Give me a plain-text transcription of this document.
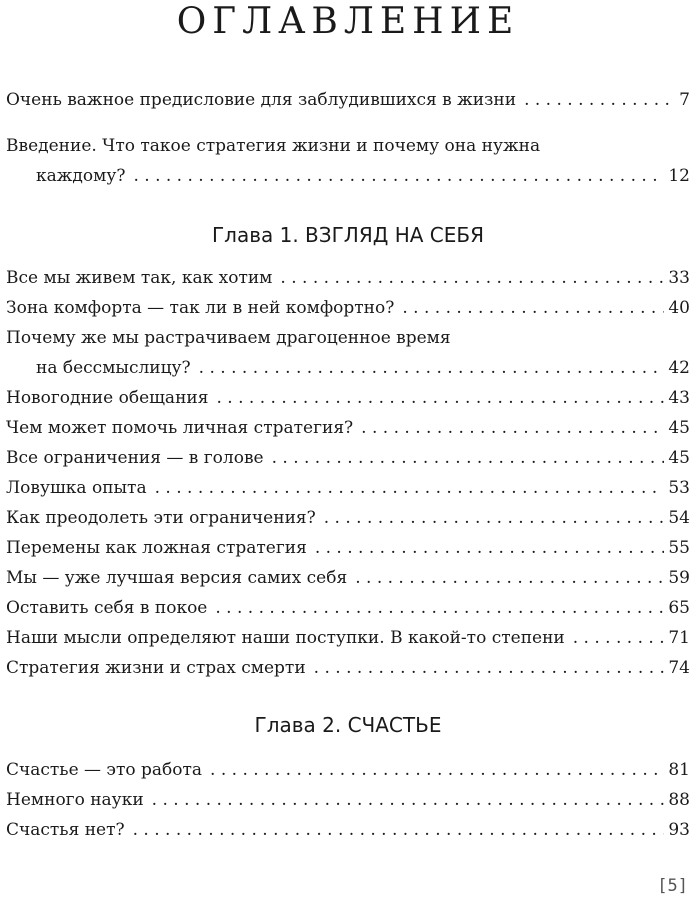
ОГЛАВЛЕНИЕ
Очень важное предисловие для заблудившихся в жизни . . .	7
Введение. Что такое стратегия жизни и почему она нужна
каждому? . . .	12
Глава 1. ВЗГЛЯД НА СЕБЯ
Все мы живем так, как хотим . . .	33
Зона комфорта — так ли в ней комфортно? . . .	40
Почему же мы растрачиваем драгоценное время
на бессмыслицу? . . .	42
Новогодние обещания . . .	43
Чем может помочь личная стратегия? . . .	45
Все ограничения — в голове . . .	45
Ловушка опыта . . .	53
Как преодолеть эти ограничения? . . .	54
Перемены как ложная стратегия . . .	55
Мы — уже лучшая версия самих себя . . .	59
Оставить себя в покое . . .	65
Наши мысли определяют наши поступки. В какой-то степени . . .	71
Стратегия жизни и страх смерти . . .	74
Глава 2. СЧАСТЬЕ
Счастье — это работа . . .	81
Немного науки . . .	88
Счастья нет? . . .	93
[5]
